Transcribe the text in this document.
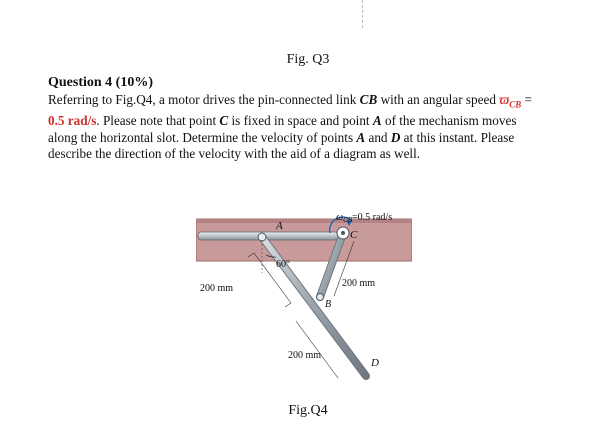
Fig. Q3
Question 4 (10%)
Referring to Fig.Q4, a motor drives the pin-connected link CB with an angular speed $ϖ_{CB}$ =
0.5 rad/s. Please note that point C is fixed in space and point A of the mechanism moves
along the horizontal slot. Determine the velocity of points A and D at this instant. Please
describe the direction of the velocity with the aid of a diagram as well.
A
C
B
D
60°
$\omega_{CB}=0.5$ rad/s
200 mm	200 mm
200 mm
Fig.Q4
